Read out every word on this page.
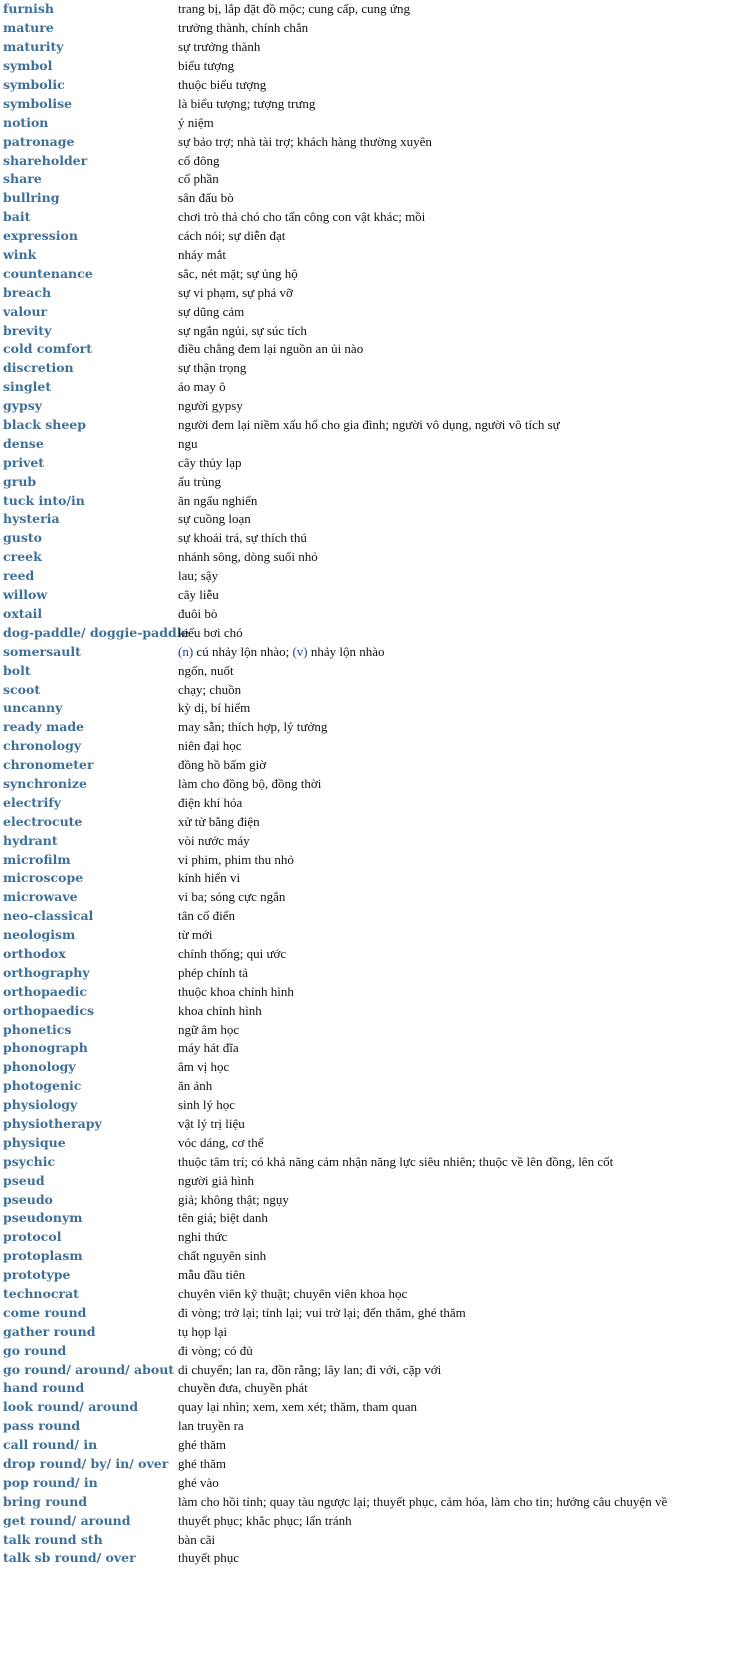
furnish	trang bị, lắp đặt đồ mộc; cung cấp, cung ứng
mature	trưởng thành, chính chắn
maturity	sự trưởng thành
symbol	biểu tượng
symbolic	thuộc biểu tượng
symbolise	là biểu tượng; tượng trưng
notion	ý niệm
patronage	sự bảo trợ; nhà tài trợ; khách hàng thường xuyên
shareholder	cổ đông
share	cổ phần
bullring	sân đấu bò
bait	chơi trò thả chó cho tấn công con vật khác; mồi
expression	cách nói; sự diễn đạt
wink	nháy mắt
countenance	sắc, nét mặt; sự ủng hộ
breach	sự vi phạm, sự phá vỡ
valour	sự dũng cảm
brevity	sự ngắn ngủi, sự súc tích
cold comfort	điều chẳng đem lại nguồn an ủi nào
discretion	sự thận trọng
singlet	áo may ô
gypsy	người gypsy
black sheep	người đem lại niềm xấu hổ cho gia đình; người vô dụng, người vô tích sự
dense	ngu
privet	cây thủy lạp
grub	ấu trùng
tuck into/in	ăn ngấu nghiến
hysteria	sự cuồng loạn
gusto	sự khoái trá, sự thích thú
creek	nhánh sông, dòng suối nhỏ
reed	lau; sậy
willow	cây liễu
oxtail	đuôi bò
dog-paddle/ doggie-paddle	kiểu bơi chó
somersault	(n) cú nhảy lộn nhào; (v) nhảy lộn nhào
bolt	ngốn, nuốt
scoot	chạy; chuồn
uncanny	kỳ dị, bí hiểm
ready made	may sẵn; thích hợp, lý tưởng
chronology	niên đại học
chronometer	đồng hồ bấm giờ
synchronize	làm cho đồng bộ, đồng thời
electrify	điện khí hóa
electrocute	xử tử bằng điện
hydrant	vòi nước máy
microfilm	vi phim, phim thu nhỏ
microscope	kính hiển vi
microwave	vi ba; sóng cực ngắn
neo-classical	tân cổ điển
neologism	từ mới
orthodox	chính thống; qui ước
orthography	phép chính tả
orthopaedic	thuộc khoa chỉnh hình
orthopaedics	khoa chỉnh hình
phonetics	ngữ âm học
phonograph	máy hát đĩa
phonology	âm vị học
photogenic	ăn ảnh
physiology	sinh lý học
physiotherapy	vật lý trị liệu
physique	vóc dáng, cơ thể
psychic	thuộc tâm trí; có khả năng cảm nhận năng lực siêu nhiên; thuộc về lên đồng, lên cốt
pseud	người giả hình
pseudo	giả; không thật; ngụy
pseudonym	tên giả; biệt danh
protocol	nghi thức
protoplasm	chất nguyên sinh
prototype	mẫu đầu tiên
technocrat	chuyên viên kỹ thuật; chuyên viên khoa học
come round	đi vòng; trở lại; tỉnh lại; vui trở lại; đến thăm, ghé thăm
gather round	tụ họp lại
go round	đi vòng; có đủ
go round/ around/ about	di chuyển; lan ra, đồn rằng; lây lan; đi với, cặp với
hand round	chuyền đưa, chuyền phát
look round/ around	quay lại nhìn; xem, xem xét; thăm, tham quan
pass round	lan truyền ra
call round/ in	ghé thăm
drop round/ by/ in/ over	ghé thăm
pop round/ in	ghé vào
bring round	làm cho hồi tỉnh; quay tàu ngược lại; thuyết phục, cảm hóa, làm cho tin; hướng câu chuyện về
get round/ around	thuyết phục; khắc phục; lẩn tránh
talk round sth	bàn cãi
talk sb round/ over	thuyết phục
